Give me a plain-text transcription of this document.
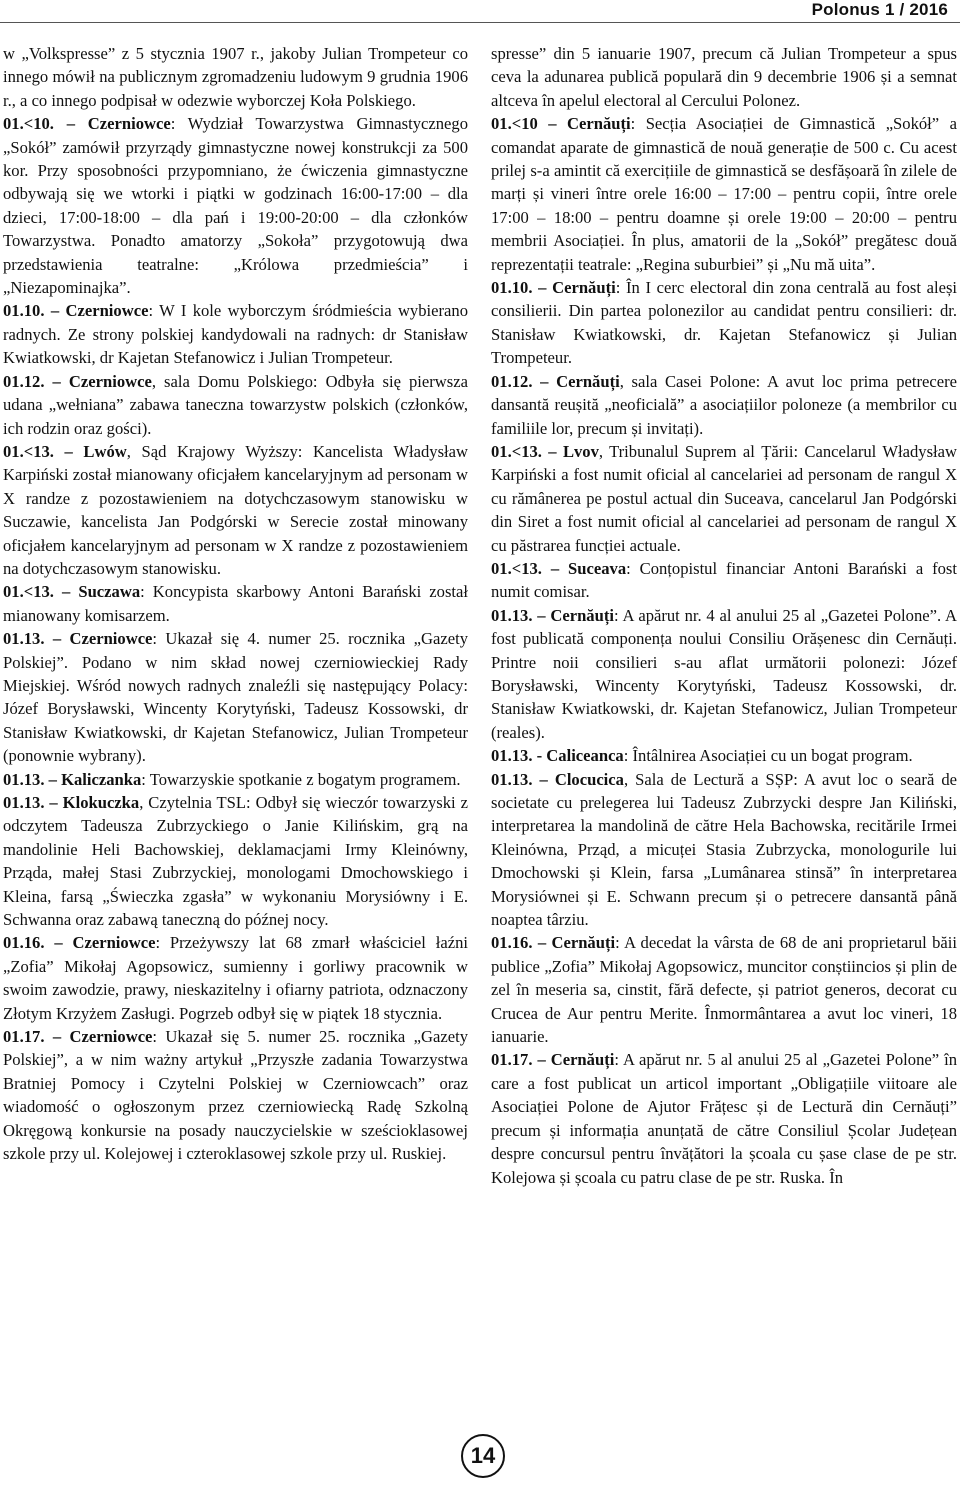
Polonus 1 / 2016

w „Volkspresse” z 5 stycznia 1907 r., jakoby Julian Trompeteur co innego mówił na publicznym zgromadzeniu ludowym 9 grudnia 1906 r., a co innego podpisał w odezwie wyborczej Koła Polskiego.

01.<10. – Czerniowce: Wydział Towarzystwa Gimnastycznego „Sokół” zamówił przyrządy gimnastyczne nowej konstrukcji za 500 kor. Przy sposobności przypomniano, że ćwiczenia gimnastyczne odbywają się we wtorki i piątki w godzinach 16:00-17:00 – dla dzieci, 17:00-18:00 – dla pań i 19:00-20:00 – dla członków Towarzystwa. Ponadto amatorzy „Sokoła” przygotowują dwa przedstawienia teatralne: „Królowa przedmieścia” i „Niezapominajka”.

01.10. – Czerniowce: W I kole wyborczym śródmieścia wybierano radnych. Ze strony polskiej kandydowali na radnych: dr Stanisław Kwiatkowski, dr Kajetan Stefanowicz i Julian Trompeteur.

01.12. – Czerniowce, sala Domu Polskiego: Odbyła się pierwsza udana „wełniana” zabawa taneczna towarzystw polskich (członków, ich rodzin oraz gości).

01.<13. – Lwów, Sąd Krajowy Wyższy: Kancelista Władysław Karpiński został mianowany oficjałem kancelaryjnym ad personam w X randze z pozostawieniem na dotychczasowym stanowisku w Suczawie, kancelista Jan Podgórski w Serecie został minowany oficjałem kancelaryjnym ad personam w X randze z pozostawieniem na dotychczasowym stanowisku.

01.<13. – Suczawa: Koncypista skarbowy Antoni Barański został mianowany komisarzem.

01.13. – Czerniowce: Ukazał się 4. numer 25. rocznika „Gazety Polskiej”. Podano w nim skład nowej czerniowieckiej Rady Miejskiej. Wśród nowych radnych znaleźli się następujący Polacy: Józef Borysławski, Wincenty Korytyński, Tadeusz Kossowski, dr Stanisław Kwiatkowski, dr Kajetan Stefanowicz, Julian Trompeteur (ponownie wybrany).

01.13. – Kaliczanka: Towarzyskie spotkanie z bogatym programem.

01.13. – Klokuczka, Czytelnia TSL: Odbył się wieczór towarzyski z odczytem Tadeusza Zubrzyckiego o Janie Kilińskim, grą na mandolinie Heli Bachowskiej, deklamacjami Irmy Kleinówny, Prząda, małej Stasi Zubrzyckiej, monologami Dmochowskiego i Kleina, farsą „Świeczka zgasła” w wykonaniu Morysiówny i E. Schwanna oraz zabawą taneczną do późnej nocy.

01.16. – Czerniowce: Przeżywszy lat 68 zmarł właściciel łaźni „Zofia” Mikołaj Agopsowicz, sumienny i gorliwy pracownik w swoim zawodzie, prawy, nieskazitelny i ofiarny patriota, odznaczony Złotym Krzyżem Zasługi. Pogrzeb odbył się w piątek 18 stycznia.

01.17. – Czerniowce: Ukazał się 5. numer 25. rocznika „Gazety Polskiej”, a w nim ważny artykuł „Przyszłe zadania Towarzystwa Bratniej Pomocy i Czytelni Polskiej w Czerniowcach” oraz wiadomość o ogłoszonym przez czerniowiecką Radę Szkolną Okręgową konkursie na posady nauczycielskie w sześcioklasowej szkole przy ul. Kolejowej i czteroklasowej szkole przy ul. Ruskiej.

spresse” din 5 ianuarie 1907, precum că Julian Trompeteur a spus ceva la adunarea publică populară din 9 decembrie 1906 și a semnat altceva în apelul electoral al Cercului Polonez.

01.<10 – Cernăuți: Secția Asociației de Gimnastică „Sokół” a comandat aparate de gimnastică de nouă generație de 500 c. Cu acest prilej s-a amintit că exercițiile de gimnastică se desfășoară în zilele de marți și vineri între orele 16:00 – 17:00 – pentru copii, între orele 17:00 – 18:00 – pentru doamne și orele 19:00 – 20:00 – pentru membrii Asociației. În plus, amatorii de la „Sokół” pregătesc două reprezentații teatrale: „Regina suburbiei” și „Nu mă uita”.

01.10. – Cernăuți: În I cerc electoral din zona centrală au fost aleși consilierii. Din partea polonezilor au candidat pentru consilieri: dr. Stanisław Kwiatkowski, dr. Kajetan Stefanowicz și Julian Trompeteur.

01.12. – Cernăuți, sala Casei Polone: A avut loc prima petrecere dansantă reușită „neoficială” a asociațiilor poloneze (a membrilor cu familiile lor, precum și invitați).

01.<13. – Lvov, Tribunalul Suprem al Țării: Cancelarul Władysław Karpiński a fost numit oficial al cancelariei ad personam de rangul X cu rămânerea pe postul actual din Suceava, cancelarul Jan Podgórski din Siret a fost numit oficial al cancelariei ad personam de rangul X cu păstrarea funcției actuale.

01.<13. – Suceava: Conțopistul financiar Antoni Barański a fost numit comisar.

01.13. – Cernăuți: A apărut nr. 4 al anului 25 al „Gazetei Polone”. A fost publicată componența noului Consiliu Orășenesc din Cernăuți. Printre noii consilieri s-au aflat următorii polonezi: Józef Borysławski, Wincenty Korytyński, Tadeusz Kossowski, dr. Stanisław Kwiatkowski, dr. Kajetan Stefanowicz, Julian Trompeteur (reales).

01.13. - Caliceanca: Întâlnirea Asociației cu un bogat program.

01.13. – Clocucica, Sala de Lectură a SȘP: A avut loc o seară de societate cu prelegerea lui Tadeusz Zubrzycki despre Jan Kiliński, interpretarea la mandolină de către Hela Bachowska, recitările Irmei Kleinówna, Prząd, a micuței Stasia Zubrzycka, monologurile lui Dmochowski și Klein, farsa „Lumânarea stinsă” în interpretarea Morysiównei și E. Schwann precum și o petrecere dansantă până noaptea târziu.

01.16. – Cernăuți: A decedat la vârsta de 68 de ani proprietarul băii publice „Zofia” Mikołaj Agopsowicz, muncitor conștiincios și plin de zel în meseria sa, cinstit, fără defecte, și patriot generos, decorat cu Crucea de Aur pentru Merite. Înmormântarea a avut loc vineri, 18 ianuarie.

01.17. – Cernăuți: A apărut nr. 5 al anului 25 al „Gazetei Polone” în care a fost publicat un articol important „Obligațiile viitoare ale Asociației Polone de Ajutor Frățesc și de Lectură din Cernăuți” precum și informația anunțată de către Consiliul Școlar Județean despre concursul pentru învățători la școala cu șase clase de pe str. Kolejowa și școala cu patru clase de pe str. Ruska. În

14
